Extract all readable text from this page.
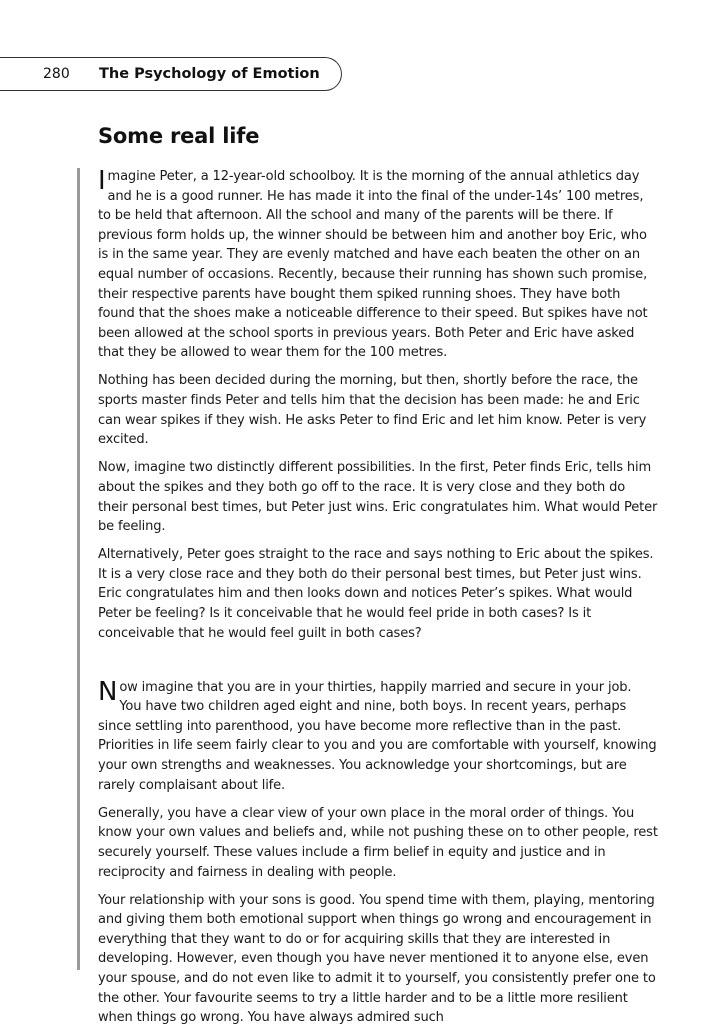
280 The Psychology of Emotion
Some real life

I magine Peter, a 12-year-old schoolboy. It is the morning of the annual athletics day
and he is a good runner. He has made it into the final of the under-14s’ 100 metres, to be held that afternoon. All the school and many of the parents will be there. If previous form holds up, the winner should be between him and another boy Eric, who is in the same year. They are evenly matched and have each beaten the other on an equal number of occasions. Recently, because their running has shown such promise, their respective parents have bought them spiked running shoes. They have both found that the shoes make a noticeable difference to their speed. But spikes have not been allowed at the school sports in previous years. Both Peter and Eric have asked that they be allowed to wear them for the 100 metres.

Nothing has been decided during the morning, but then, shortly before the race, the sports master finds Peter and tells him that the decision has been made: he and Eric can wear spikes if they wish. He asks Peter to find Eric and let him know. Peter is very excited.

Now, imagine two distinctly different possibilities. In the first, Peter finds Eric, tells him about the spikes and they both go off to the race. It is very close and they both do their personal best times, but Peter just wins. Eric congratulates him. What would Peter be feeling.

Alternatively, Peter goes straight to the race and says nothing to Eric about the spikes. It is a very close race and they both do their personal best times, but Peter just wins. Eric congratulates him and then looks down and notices Peter’s spikes. What would Peter be feeling? Is it conceivable that he would feel pride in both cases? Is it conceivable that he would feel guilt in both cases?

N ow imagine that you are in your thirties, happily married and secure in your job.
You have two children aged eight and nine, both boys. In recent years, perhaps since settling into parenthood, you have become more reflective than in the past. Priorities in life seem fairly clear to you and you are comfortable with yourself, knowing your own strengths and weaknesses. You acknowledge your shortcomings, but are rarely complaisant about life.

Generally, you have a clear view of your own place in the moral order of things. You know your own values and beliefs and, while not pushing these on to other people, rest securely yourself. These values include a firm belief in equity and justice and in reciprocity and fairness in dealing with people.

Your relationship with your sons is good. You spend time with them, playing, mentoring and giving them both emotional support when things go wrong and encouragement in everything that they want to do or for acquiring skills that they are interested in developing. However, even though you have never mentioned it to anyone else, even your spouse, and do not even like to admit it to yourself, you consistently prefer one to the other. Your favourite seems to try a little harder and to be a little more resilient when things go wrong. You have always admired such
